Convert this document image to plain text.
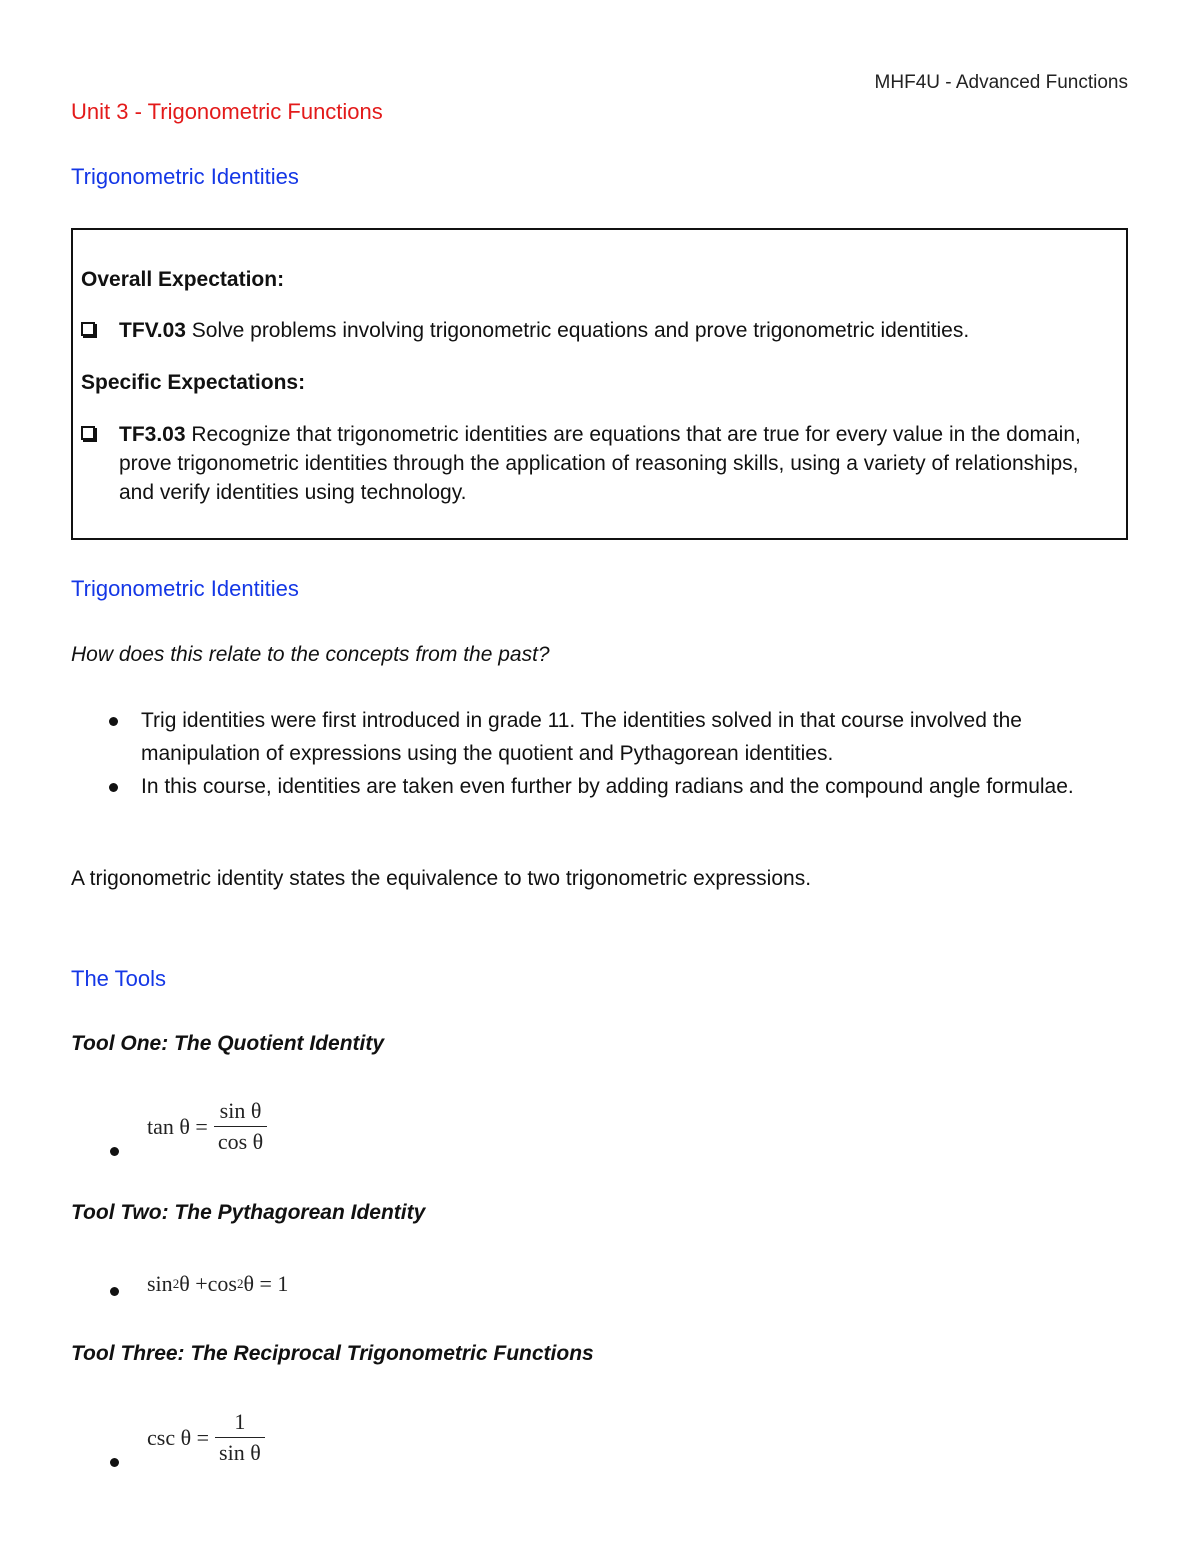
MHF4U - Advanced Functions
Unit 3 - Trigonometric Functions
Trigonometric Identities
Overall Expectation:
TFV.03 Solve problems involving trigonometric equations and prove trigonometric identities.
Specific Expectations:
TF3.03 Recognize that trigonometric identities are equations that are true for every value in the domain, prove trigonometric identities through the application of reasoning skills, using a variety of relationships, and verify identities using technology.
Trigonometric Identities
How does this relate to the concepts from the past?
Trig identities were first introduced in grade 11. The identities solved in that course involved the manipulation of expressions using the quotient and Pythagorean identities.
In this course, identities are taken even further by adding radians and the compound angle formulae.
A trigonometric identity states the equivalence to two trigonometric expressions.
The Tools
Tool One: The Quotient Identity
$\tan \theta = \frac{\text{sin θ}}{\text{cos θ}}$
Tool Two: The Pythagorean Identity
sin 2 θ + cos 2 θ = 1
Tool Three: The Reciprocal Trigonometric Functions
$\csc \theta = \frac{1}{\text{sin θ}}$
